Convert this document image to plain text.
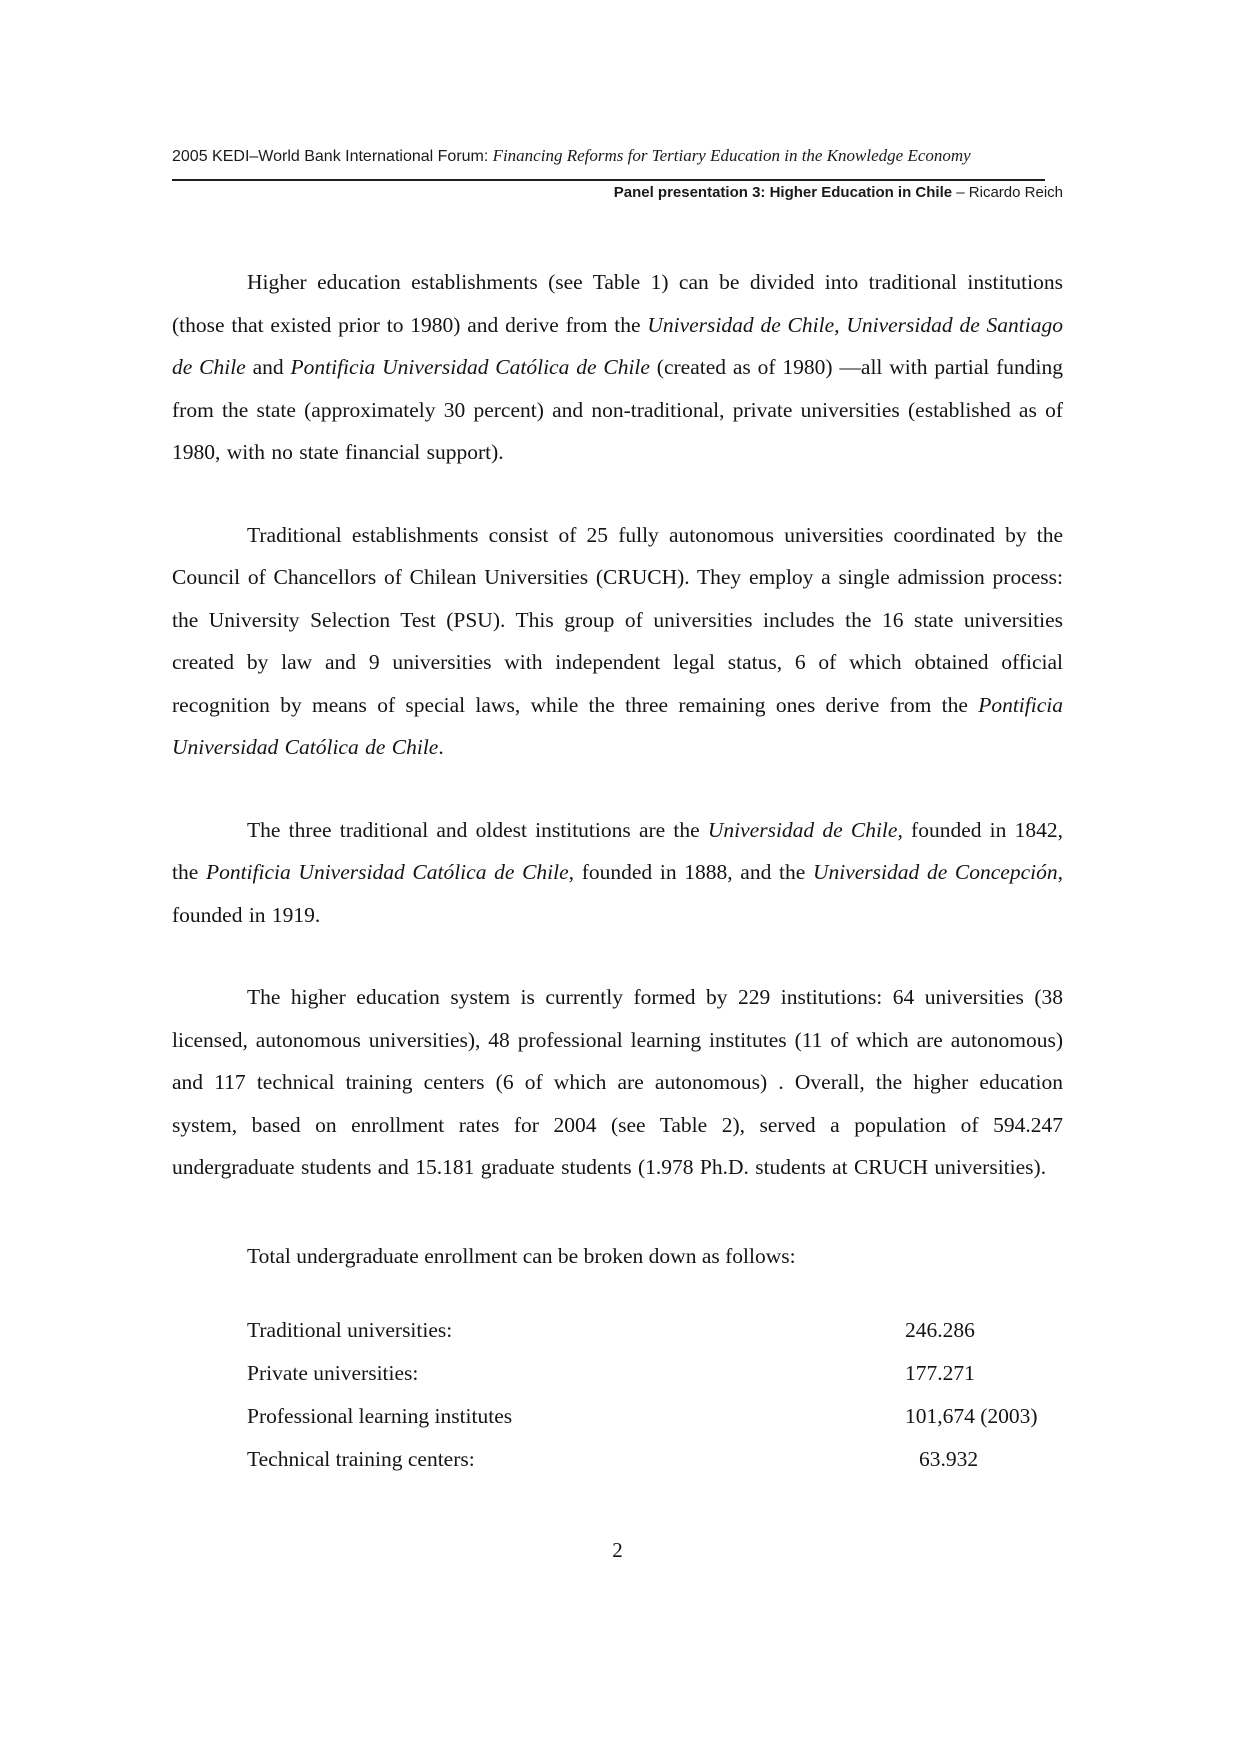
2005 KEDI–World Bank International Forum: Financing Reforms for Tertiary Education in the Knowledge Economy
Panel presentation 3: Higher Education in Chile – Ricardo Reich

Higher education establishments (see Table 1) can be divided into traditional institutions (those that existed prior to 1980) and derive from the Universidad de Chile, Universidad de Santiago de Chile and Pontificia Universidad Católica de Chile (created as of 1980) —all with partial funding from the state (approximately 30 percent) and non-traditional, private universities (established as of 1980, with no state financial support).

Traditional establishments consist of 25 fully autonomous universities coordinated by the Council of Chancellors of Chilean Universities (CRUCH). They employ a single admission process: the University Selection Test (PSU). This group of universities includes the 16 state universities created by law and 9 universities with independent legal status, 6 of which obtained official recognition by means of special laws, while the three remaining ones derive from the Pontificia Universidad Católica de Chile.

The three traditional and oldest institutions are the Universidad de Chile, founded in 1842, the Pontificia Universidad Católica de Chile, founded in 1888, and the Universidad de Concepción, founded in 1919.

The higher education system is currently formed by 229 institutions: 64 universities (38 licensed, autonomous universities), 48 professional learning institutes (11 of which are autonomous) and 117 technical training centers (6 of which are autonomous) . Overall, the higher education system, based on enrollment rates for 2004 (see Table 2), served a population of 594.247 undergraduate students and 15.181 graduate students (1.978 Ph.D. students at CRUCH universities).

Total undergraduate enrollment can be broken down as follows:

Traditional universities:	246.286
Private universities:	177.271
Professional learning institutes	101,674 (2003)
Technical training centers:	63.932
2
